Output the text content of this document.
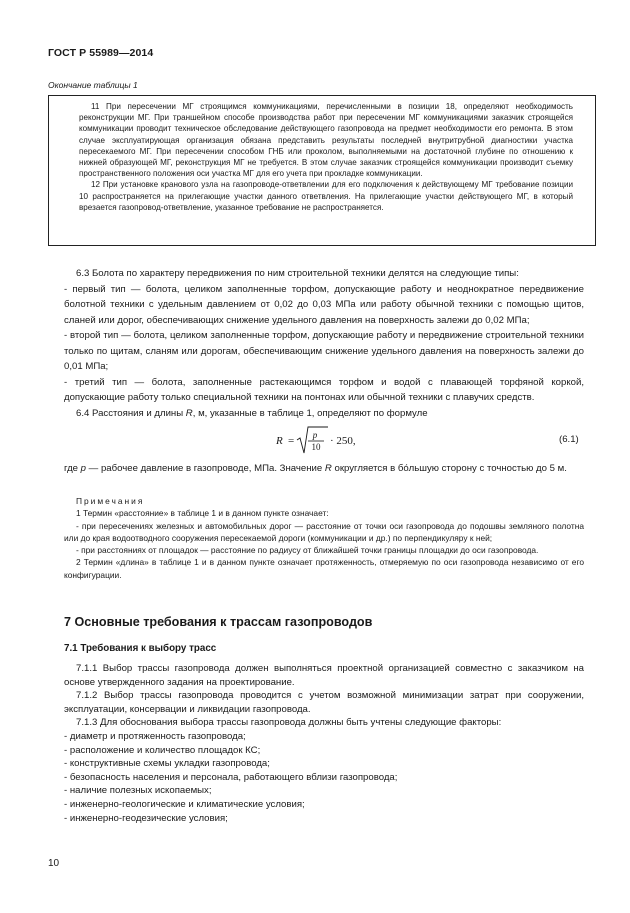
ГОСТ Р 55989—2014
Окончание таблицы 1

11 При пересечении МГ строящимся коммуникациями, перечисленными в позиции 18, определяют необходимость реконструкции МГ. При траншейном способе производства работ при пересечении МГ коммуникациями заказчик строящейся коммуникации проводит техническое обследование действующего газопровода на предмет необходимости его ремонта. В этом случае эксплуатирующая организация обязана представить результаты последней внутритрубной диагностики участка пересекаемого МГ. При пересечении способом ГНБ или проколом, выполняемыми на достаточной глубине по отношению к нижней образующей МГ, реконструкция МГ не требуется. В этом случае заказчик строящейся коммуникации производит съемку пространственного положения оси участка МГ для его учета при прокладке коммуникации.

12 При установке кранового узла на газопроводе-ответвлении для его подключения к действующему МГ требование позиции 10 распространяется на прилегающие участки данного ответвления. На прилегающие участки действующего МГ, в который врезается газопровод-ответвление, указанное требование не распространяется.

6.3 Болота по характеру передвижения по ним строительной техники делятся на следующие типы:

- первый тип — болота, целиком заполненные торфом, допускающие работу и неоднократное передвижение болотной техники с удельным давлением от 0,02 до 0,03 МПа или работу обычной техники с помощью щитов, сланей или дорог, обеспечивающих снижение удельного давления на поверхность залежи до 0,02 МПа;

- второй тип — болота, целиком заполненные торфом, допускающие работу и передвижение строительной техники только по щитам, сланям или дорогам, обеспечивающим снижение удельного давления на поверхность залежи до 0,01 МПа;

- третий тип — болота, заполненные растекающимся торфом и водой с плавающей торфяной коркой, допускающие работу только специальной техники на понтонах или обычной техники с плавучих средств.

6.4 Расстояния и длины R, м, указанные в таблице 1, определяют по формуле

R = p
10 · 250,	(6.1)

где p — рабочее давление в газопроводе, МПа. Значение R округляется в бо́льшую сторону с точностью до 5 м.

Примечания

1 Термин «расстояние» в таблице 1 и в данном пункте означает:

- при пересечениях железных и автомобильных дорог — расстояние от точки оси газопровода до подошвы земляного полотна или до края водоотводного сооружения пересекаемой дороги (коммуникации и др.) по перпендикуляру к ней;

- при расстояниях от площадок — расстояние по радиусу от ближайшей точки границы площадки до оси газопровода.

2 Термин «длина» в таблице 1 и в данном пункте означает протяженность, отмеряемую по оси газопровода независимо от его конфигурации.

7 Основные требования к трассам газопроводов
7.1 Требования к выбору трасс

7.1.1 Выбор трассы газопровода должен выполняться проектной организацией совместно с заказчиком на основе утвержденного задания на проектирование.

7.1.2 Выбор трассы газопровода проводится с учетом возможной минимизации затрат при сооружении, эксплуатации, консервации и ликвидации газопровода.

7.1.3 Для обоснования выбора трассы газопровода должны быть учтены следующие факторы:

- диаметр и протяженность газопровода;

- расположение и количество площадок КС;

- конструктивные схемы укладки газопровода;

- безопасность населения и персонала, работающего вблизи газопровода;

- наличие полезных ископаемых;

- инженерно-геологические и климатические условия;

- инженерно-геодезические условия;

10
